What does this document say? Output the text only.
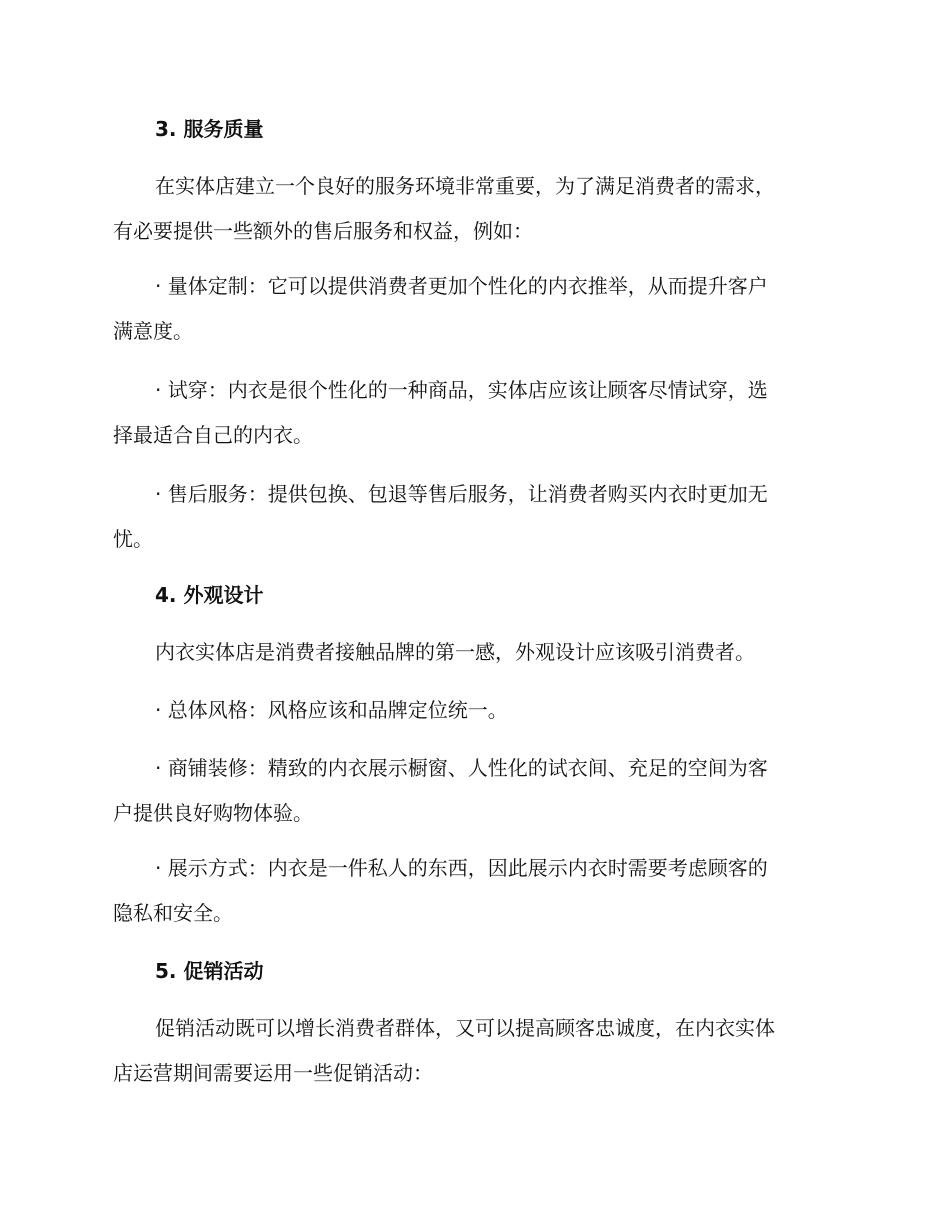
3. 服务质量
在实体店建立一个良好的服务环境非常重要，为了满足消费者的需求，
有必要提供一些额外的售后服务和权益，例如：
· 量体定制：它可以提供消费者更加个性化的内衣推举，从而提升客户
满意度。
· 试穿：内衣是很个性化的一种商品，实体店应该让顾客尽情试穿，选
择最适合自己的内衣。
· 售后服务：提供包换、包退等售后服务，让消费者购买内衣时更加无
忧。
4. 外观设计
内衣实体店是消费者接触品牌的第一感，外观设计应该吸引消费者。
· 总体风格：风格应该和品牌定位统一。
· 商铺装修：精致的内衣展示橱窗、人性化的试衣间、充足的空间为客
户提供良好购物体验。
· 展示方式：内衣是一件私人的东西，因此展示内衣时需要考虑顾客的
隐私和安全。
5. 促销活动
促销活动既可以增长消费者群体，又可以提高顾客忠诚度，在内衣实体
店运营期间需要运用一些促销活动：
